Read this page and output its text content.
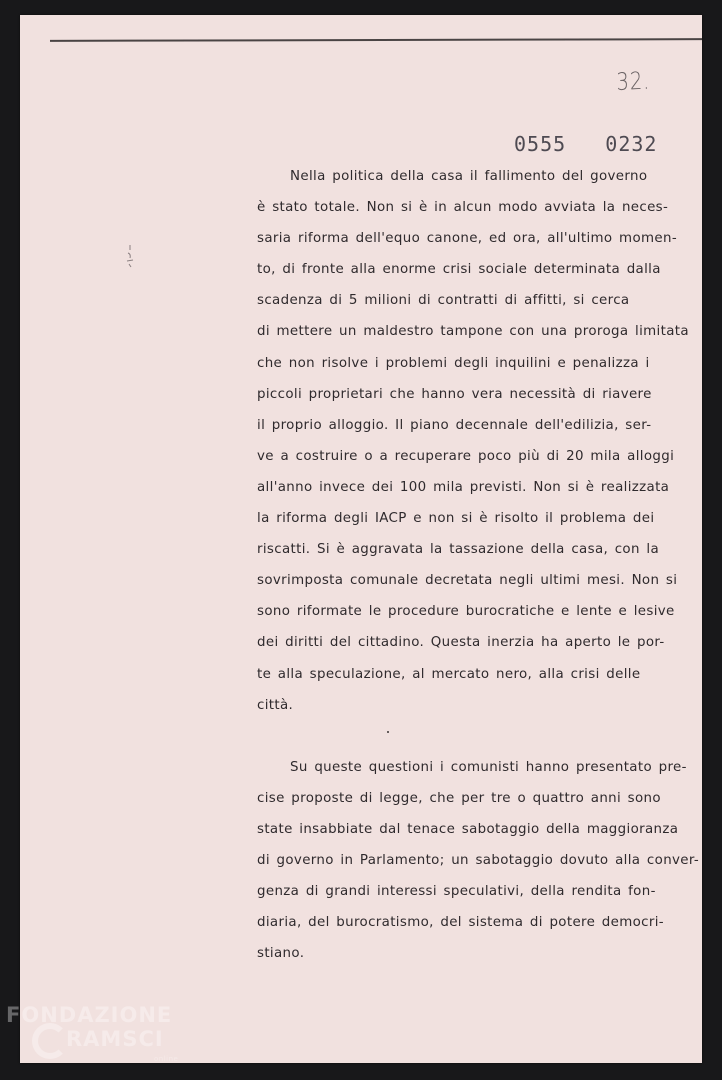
32.
0555   0232
Nella politica della casa il fallimento del governo
è stato totale. Non si è in alcun modo avviata la neces-
saria riforma dell'equo canone, ed ora, all'ultimo momen-
to, di fronte alla enorme crisi sociale determinata dalla
scadenza di 5 milioni di contratti di affitti, si cerca
di mettere un maldestro tampone con una proroga limitata
che non risolve i problemi degli inquilini e penalizza i
piccoli proprietari che hanno vera necessità di riavere
il proprio alloggio. Il piano decennale dell'edilizia, ser-
ve a costruire o a recuperare poco più di 20 mila alloggi
all'anno invece dei 100 mila previsti. Non si è realizzata
la riforma degli IACP e non si è risolto il problema dei
riscatti. Si è aggravata la tassazione della casa, con la
sovrimposta comunale decretata negli ultimi mesi. Non si
sono riformate le procedure burocratiche e lente e lesive
dei diritti del cittadino. Questa inerzia ha aperto le por-
te alla speculazione, al mercato nero, alla crisi delle
città.
Su queste questioni i comunisti hanno presentato pre-
cise proposte di legge, che per tre o quattro anni sono
state insabbiate dal tenace sabotaggio della maggioranza
di governo in Parlamento; un sabotaggio dovuto alla conver-
genza di grandi interessi speculativi, della rendita fon-
diaria, del burocratismo, del sistema di potere democri-
stiano.
FONDAZIONE
RAMSCI
online
